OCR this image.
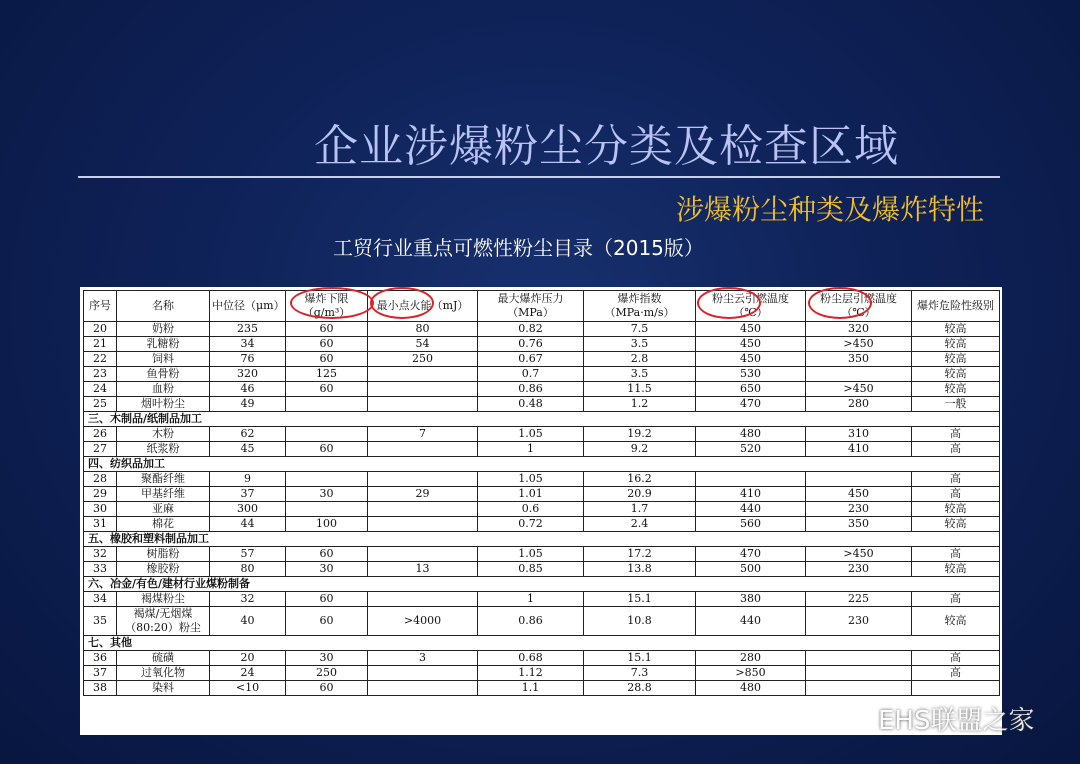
企业涉爆粉尘分类及检查区域
涉爆粉尘种类及爆炸特性
工贸行业重点可燃性粉尘目录（2015版）
序号	名称	中位径（μm）	爆炸下限（g/m³）	最小点火能（mJ）	最大爆炸压力（MPa）	爆炸指数（MPa·m/s）	粉尘云引燃温度（℃）	粉尘层引燃温度（℃）	爆炸危险性级别
20	奶粉	235	60	80	0.82	7.5	450	320	较高
21	乳糖粉	34	60	54	0.76	3.5	450	>450	较高
22	饲料	76	60	250	0.67	2.8	450	350	较高
23	鱼骨粉	320	125		0.7	3.5	530		较高
24	血粉	46	60		0.86	11.5	650	>450	较高
25	烟叶粉尘	49			0.48	1.2	470	280	一般
三、木制品/纸制品加工									
26	木粉	62		7	1.05	19.2	480	310	高
27	纸浆粉	45	60		1	9.2	520	410	高
四、纺织品加工									
28	聚酯纤维	9			1.05	16.2			高
29	甲基纤维	37	30	29	1.01	20.9	410	450	高
30	亚麻	300			0.6	1.7	440	230	较高
31	棉花	44	100		0.72	2.4	560	350	较高
五、橡胶和塑料制品加工									
32	树脂粉	57	60		1.05	17.2	470	>450	高
33	橡胶粉	80	30	13	0.85	13.8	500	230	较高
六、冶金/有色/建材行业煤粉制备									
34	褐煤粉尘	32	60		1	15.1	380	225	高
35	褐煤/无烟煤（80:20）粉尘	40	60	>4000	0.86	10.8	440	230	较高
七、其他									
36	硫磺	20	30	3	0.68	15.1	280		高
37	过氧化物	24	250		1.12	7.3	>850		高
38	染料	<10	60		1.1	28.8	480		
EHS联盟之家
